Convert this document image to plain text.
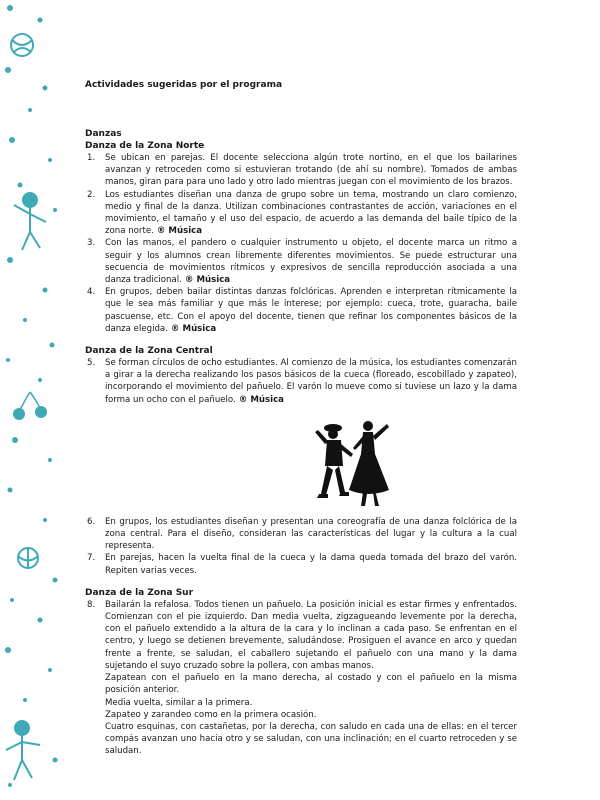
Actividades sugeridas por el programa
Danzas
Danza de la Zona Norte
1. Se ubican en parejas. El docente selecciona algún trote nortino, en el que los bailarines avanzan y retroceden como si estuvieran trotando (de ahí su nombre). Tomados de ambas manos, giran para para uno lado y otro lado mientras juegan con el movimiento de los brazos.
2. Los estudiantes diseñan una danza de grupo sobre un tema, mostrando un claro comienzo, medio y final de la danza. Utilizan combinaciones contrastantes de acción, variaciones en el movimiento, el tamaño y el uso del espacio, de acuerdo a las demanda del baile típico de la zona norte. ® Música
3. Con las manos, el pandero o cualquier instrumento u objeto, el docente marca un ritmo a seguir y los alumnos crean libremente diferentes movimientos. Se puede estructurar una secuencia de movimientos rítmicos y expresivos de sencilla reproducción asociada a una danza tradicional. ® Música
4. En grupos, deben bailar distintas danzas folclóricas. Aprenden e interpretan rítmicamente la que le sea más familiar y que más le interese; por ejemplo: cueca, trote, guaracha, baile pascuense, etc. Con el apoyo del docente, tienen que refinar los componentes básicos de la danza elegida. ® Música
Danza de la Zona Central
5. Se forman círculos de ocho estudiantes. Al comienzo de la música, los estudiantes comenzarán a girar a la derecha realizando los pasos básicos de la cueca (floreado, escobillado y zapateo), incorporando el movimiento del pañuelo. El varón lo mueve como si tuviese un lazo y la dama forma un ocho con el pañuelo. ® Música
6. En grupos, los estudiantes diseñan y presentan una coreografía de una danza folclórica de la zona central. Para el diseño, consideran las características del lugar y la cultura a la cual representa.
7. En parejas, hacen la vuelta final de la cueca y la dama queda tomada del brazo del varón. Repiten varias veces.
Danza de la Zona Sur
8. Bailarán la refalosa. Todos tienen un pañuelo. La posición inicial es estar firmes y enfrentados. Comienzan con el pie izquierdo. Dan media vuelta, zigzagueando levemente por la derecha, con el pañuelo extendido a la altura de la cara y lo inclinan a cada paso. Se enfrentan en el centro, y luego se detienen brevemente, saludándose. Prosiguen el avance en arco y quedan frente a frente, se saludan, el caballero sujetando el pañuelo con una mano y la dama sujetando el suyo cruzado sobre la pollera, con ambas manos.

Zapatean con el pañuelo en la mano derecha, al costado y con el pañuelo en la misma posición anterior.

Media vuelta, similar a la primera.

Zapateo y zarandeo como en la primera ocasión.

Cuatro esquinas, con castañetas, por la derecha, con saludo en cada una de ellas: en el tercer compás avanzan uno hacia otro y se saludan, con una inclinación; en el cuarto retroceden y se saludan.
